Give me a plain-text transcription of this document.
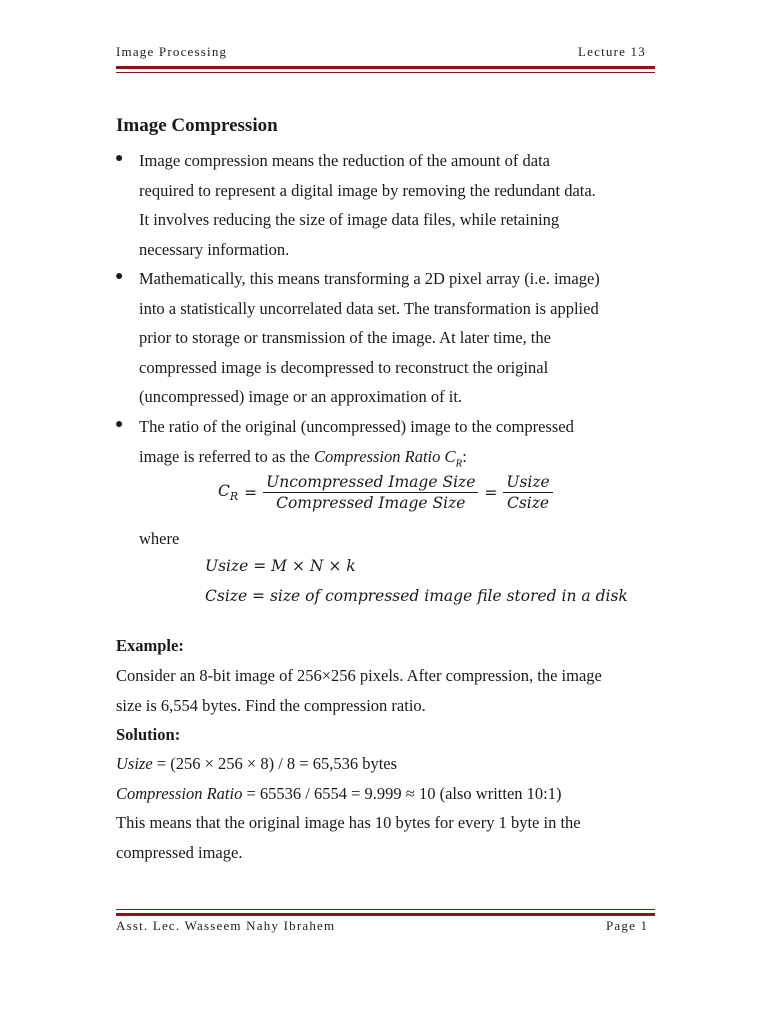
Image Processing	Lecture 13
Image Compression
● Image compression means the reduction of the amount of data
required to represent a digital image by removing the redundant data.
It involves reducing the size of image data files, while retaining
necessary information.
● Mathematically, this means transforming a 2D pixel array (i.e. image)
into a statistically uncorrelated data set. The transformation is applied
prior to storage or transmission of the image. At later time, the
compressed image is decompressed to reconstruct the original
(uncompressed) image or an approximation of it.
● The ratio of the original (uncompressed) image to the compressed
image is referred to as the Compression Ratio $C_R$:
$C_R = \frac{\text{Uncompressed Image Size}}{\text{Compressed Image Size}} = \frac{\text{Usize}}{\text{Csize}}$
where
Usize = M × N × k
Csize = size of compressed image file stored in a disk
Example:
Consider an 8-bit image of 256×256 pixels. After compression, the image
size is 6,554 bytes. Find the compression ratio.
Solution:
Usize = (256 × 256 × 8) / 8 = 65,536 bytes
Compression Ratio = 65536 / 6554 = 9.999 ≈ 10 (also written 10:1)
This means that the original image has 10 bytes for every 1 byte in the
compressed image.
Asst. Lec. Wasseem Nahy Ibrahem	Page 1
